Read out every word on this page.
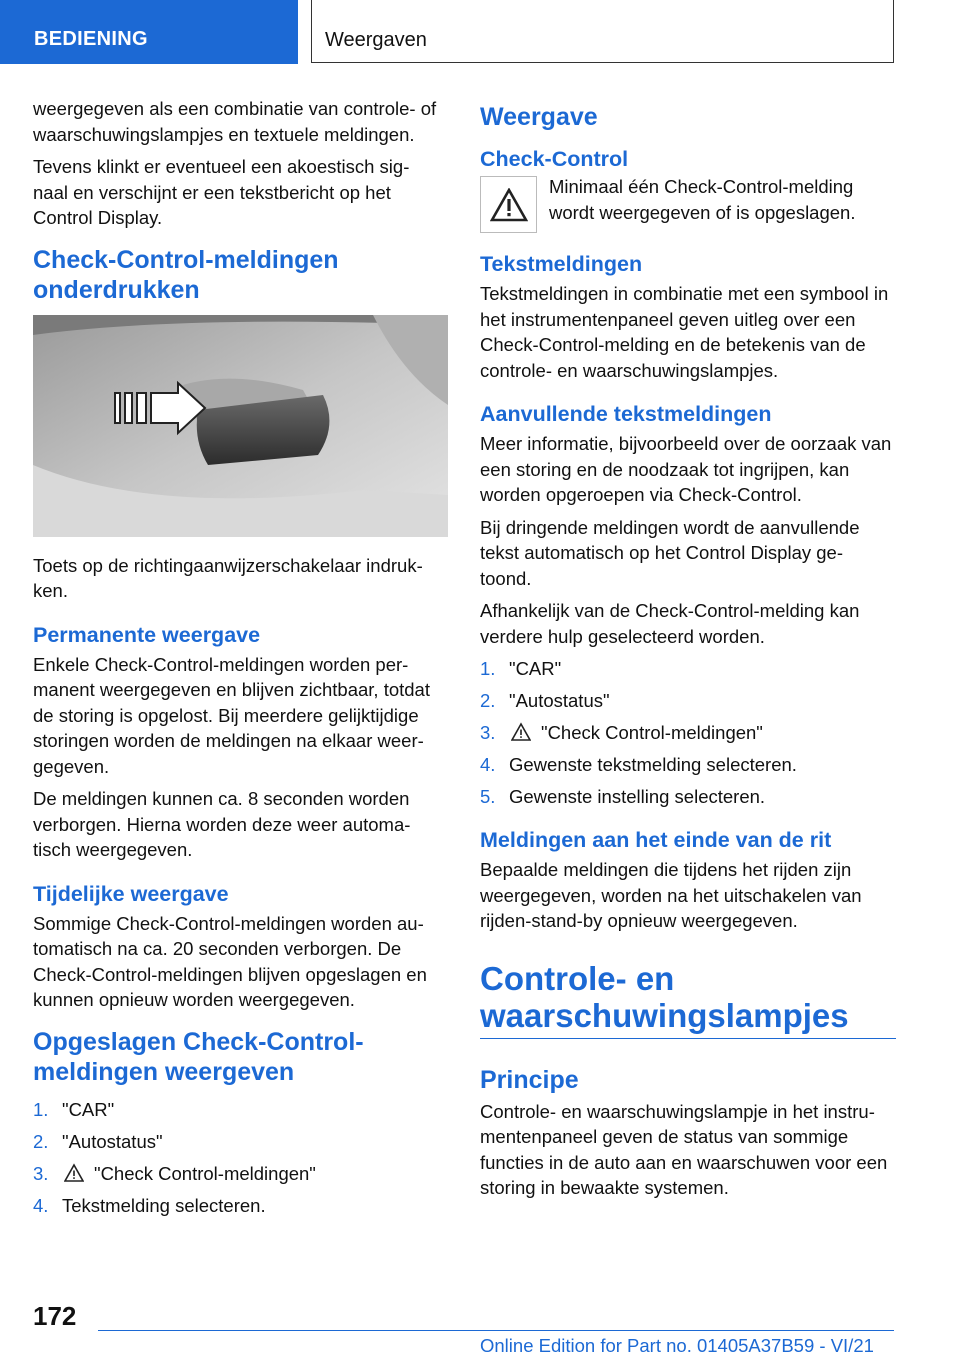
BEDIENING	Weergaven

weergegeven als een combinatie van controle- of waarschuwingslampjes en textuele meldingen.

Tevens klinkt er eventueel een akoestisch sig- naal en verschijnt er een tekstbericht op het Control Display.

Check-Control-meldingen onderdrukken

Toets op de richtingaanwijzerschakelaar indruk- ken.

Permanente weergave

Enkele Check-Control-meldingen worden per- manent weergegeven en blijven zichtbaar, totdat de storing is opgelost. Bij meerdere gelijktijdige storingen worden de meldingen na elkaar weer- gegeven.

De meldingen kunnen ca. 8 seconden worden verborgen. Hierna worden deze weer automa- tisch weergegeven.

Tijdelijke weergave

Sommige Check-Control-meldingen worden au- tomatisch na ca. 20 seconden verborgen. De Check-Control-meldingen blijven opgeslagen en kunnen opnieuw worden weergegeven.

Opgeslagen Check-Control- meldingen weergeven
1. "CAR"
2. "Autostatus"
3.	"Check Control-meldingen"
4. Tekstmelding selecteren.
Weergave
Check-Control
Minimaal één Check-Control-melding wordt weergegeven of is opgeslagen.
Tekstmeldingen

Tekstmeldingen in combinatie met een symbool in het instrumentenpaneel geven uitleg over een Check-Control-melding en de betekenis van de controle- en waarschuwingslampjes.

Aanvullende tekstmeldingen

Meer informatie, bijvoorbeeld over de oorzaak van een storing en de noodzaak tot ingrijpen, kan worden opgeroepen via Check-Control.

Bij dringende meldingen wordt de aanvullende tekst automatisch op het Control Display ge- toond.

Afhankelijk van de Check-Control-melding kan verdere hulp geselecteerd worden.

1. "CAR"
2. "Autostatus"
3.	"Check Control-meldingen"
4. Gewenste tekstmelding selecteren.
5. Gewenste instelling selecteren.
Meldingen aan het einde van de rit

Bepaalde meldingen die tijdens het rijden zijn weergegeven, worden na het uitschakelen van rijden-stand-by opnieuw weergegeven.

Controle- en waarschuwingslampjes
Principe

Controle- en waarschuwingslampje in het instru- mentenpaneel geven de status van sommige functies in de auto aan en waarschuwen voor een storing in bewaakte systemen.

172
Online Edition for Part no. 01405A37B59 - VI/21
